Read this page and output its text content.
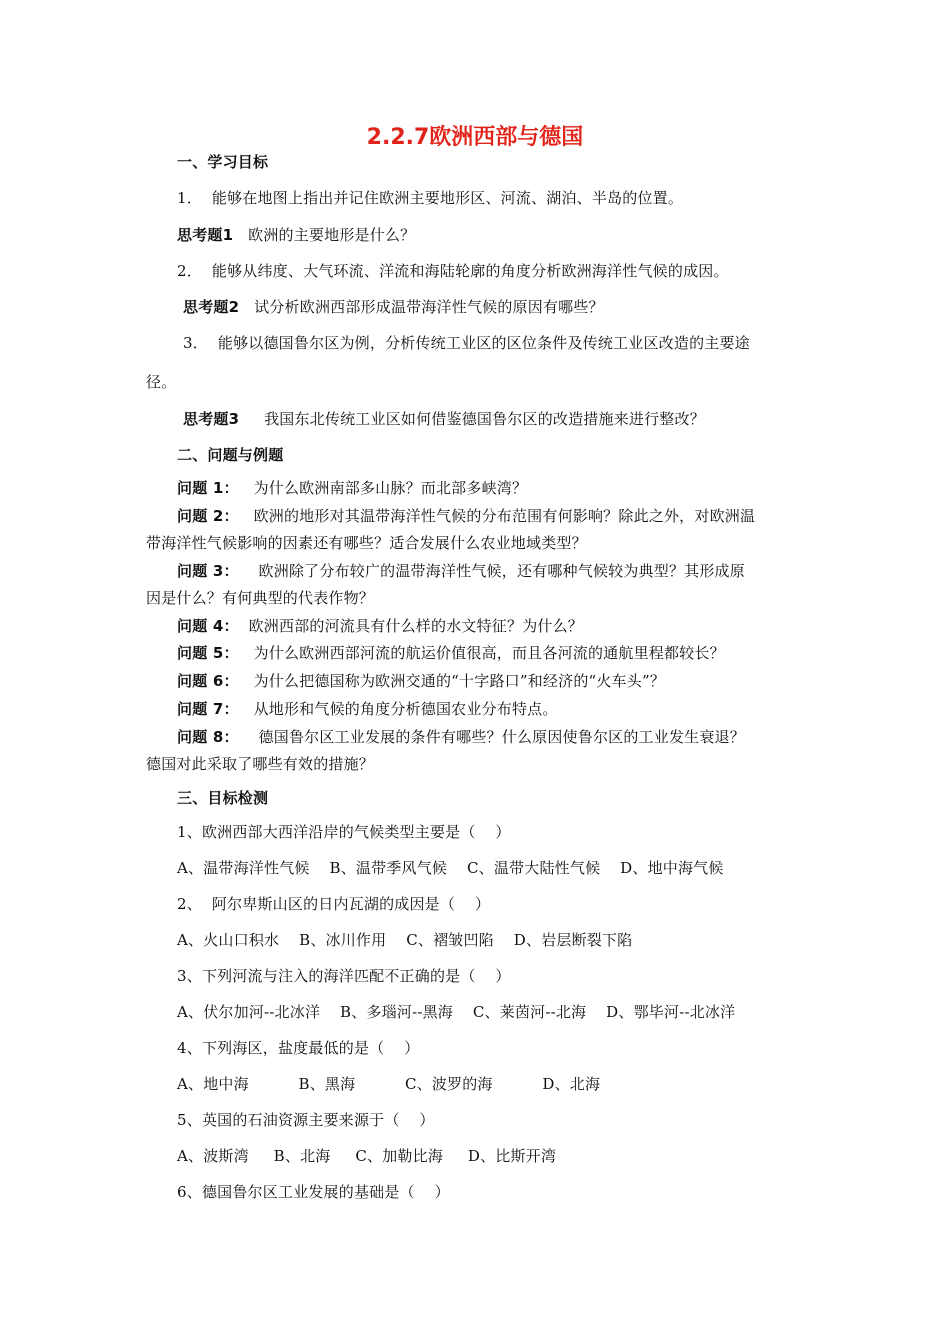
2.2.7欧洲西部与德国
一、学习目标
1．  能够在地图上指出并记住欧洲主要地形区、河流、湖泊、半岛的位置。
思考题1 欧洲的主要地形是什么？
2．  能够从纬度、大气环流、洋流和海陆轮廓的角度分析欧洲海洋性气候的成因。
思考题2 试分析欧洲西部形成温带海洋性气候的原因有哪些？
3．  能够以德国鲁尔区为例，分析传统工业区的区位条件及传统工业区改造的主要途
径。
思考题3 我国东北传统工业区如何借鉴德国鲁尔区的改造措施来进行整改？
二、问题与例题
问题 1： 为什么欧洲南部多山脉？而北部多峡湾？
问题 2： 欧洲的地形对其温带海洋性气候的分布范围有何影响？除此之外，对欧洲温
带海洋性气候影响的因素还有哪些？适合发展什么农业地域类型？
问题 3： 欧洲除了分布较广的温带海洋性气候，还有哪种气候较为典型？其形成原
因是什么？有何典型的代表作物？
问题 4： 欧洲西部的河流具有什么样的水文特征？为什么？
问题 5： 为什么欧洲西部河流的航运价值很高，而且各河流的通航里程都较长？
问题 6： 为什么把德国称为欧洲交通的“十字路口”和经济的“火车头”？
问题 7： 从地形和气候的角度分析德国农业分布特点。
问题 8： 德国鲁尔区工业发展的条件有哪些？什么原因使鲁尔区的工业发生衰退？
德国对此采取了哪些有效的措施？
三、目标检测
1、欧洲西部大西洋沿岸的气候类型主要是（    ）
A、温带海洋性气候    B、温带季风气候    C、温带大陆性气候    D、地中海气候
2、  阿尔卑斯山区的日内瓦湖的成因是（    ）
A、火山口积水    B、冰川作用    C、褶皱凹陷    D、岩层断裂下陷
3、下列河流与注入的海洋匹配不正确的是（    ）
A、伏尔加河--北冰洋    B、多瑙河--黑海    C、莱茵河--北海    D、鄂毕河--北冰洋
4、下列海区，盐度最低的是（    ）
A、地中海          B、黑海          C、波罗的海          D、北海
5、英国的石油资源主要来源于（    ）
A、波斯湾     B、北海     C、加勒比海     D、比斯开湾
6、德国鲁尔区工业发展的基础是（    ）
